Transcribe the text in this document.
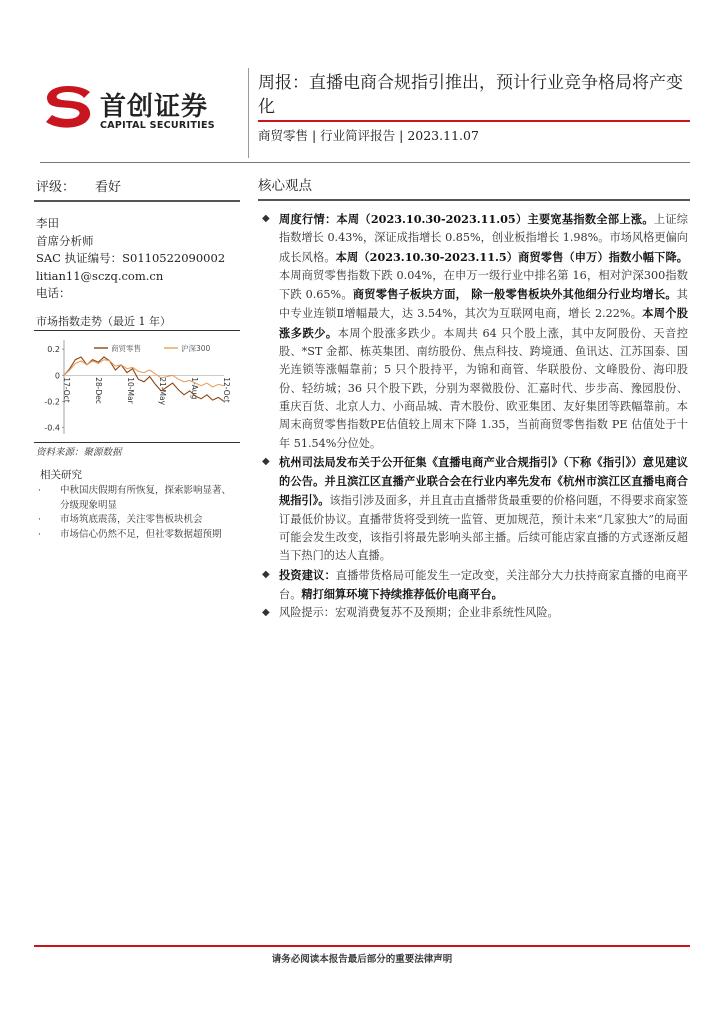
首创证券
CAPITAL SECURITIES
周报：直播电商合规指引推出，预计行业竞争格局将产变化
商贸零售 | 行业简评报告 | 2023.11.07
评级： 看好
李田
首席分析师
SAC 执证编号：S0110522090002
litian11@sczq.com.cn
电话：
市场指数走势（最近 1 年）
0.2
0
-0.2
-0.4
17-Oct	28-Dec	10-Mar	21-May	1-Aug	12-Oct
商贸零售	沪深300
资料来源：聚源数据
相关研究
· 中秋国庆假期有所恢复，探索影响显著、分级现象明显
· 市场筑底震荡，关注零售板块机会
· 市场信心仍然不足，但社零数据超预期
核心观点
◆ 周度行情：本周（2023.10.30-2023.11.05）主要宽基指数全部上涨。上证综指数增长 0.43%，深证成指增长 0.85%，创业板指增长 1.98%。市场风格更偏向成长风格。本周（2023.10.30-2023.11.5）商贸零售（申万）指数小幅下降。本周商贸零售指数下跌 0.04%，在申万一级行业中排名第 16，相对沪深300指数下跌 0.65%。商贸零售子板块方面， 除一般零售板块外其他细分行业均增长。其中专业连锁Ⅱ增幅最大，达 3.54%，其次为互联网电商，增长 2.22%。本周个股涨多跌少。本周个股涨多跌少。本周共 64 只个股上涨，其中友阿股份、天音控股、*ST 金都、栋英集团、南纺股份、焦点科技、跨境通、鱼讯达、江苏国泰、国光连锁等涨幅靠前；5 只个股持平，为锦和商管、华联股份、文峰股份、海印股份、轻纺城；36 只个股下跌，分别为翠微股份、汇嘉时代、步步高、豫园股份、重庆百货、北京人力、小商品城、青木股份、欧亚集团、友好集团等跌幅靠前。本周末商贸零售指数PE估值较上周末下降 1.35，当前商贸零售指数 PE 估值处于十年 51.54%分位处。
◆ 杭州司法局发布关于公开征集《直播电商产业合规指引》（下称《指引》）意见建议的公告。并且滨江区直播产业联合会在行业内率先发布《杭州市滨江区直播电商合规指引》。该指引涉及面多，并且直击直播带货最重要的价格问题，不得要求商家签订最低价协议。直播带货将受到统一监管、更加规范，预计未来“几家独大”的局面可能会发生改变，该指引将最先影响头部主播。后续可能店家直播的方式逐渐反超当下热门的达人直播。
◆ 投资建议：直播带货格局可能发生一定改变，关注部分大力扶持商家直播的电商平台。精打细算环境下持续推荐低价电商平台。
◆ 风险提示：宏观消费复苏不及预期；企业非系统性风险。
请务必阅读本报告最后部分的重要法律声明
